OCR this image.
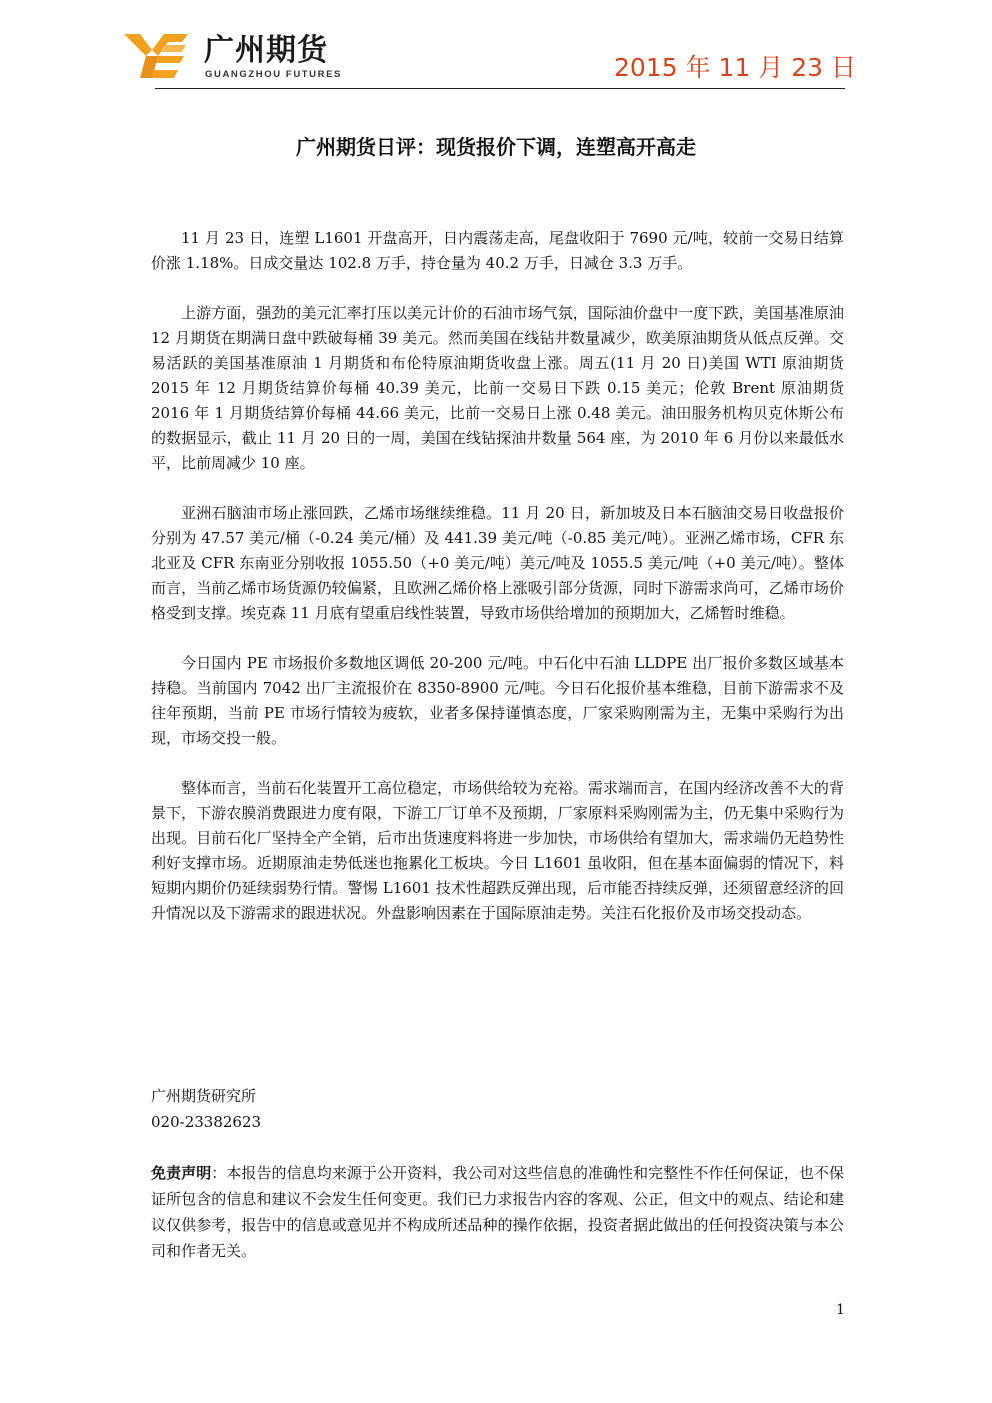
广州期货
GUANGZHOU FUTURES	2015 年 11 月 23 日
广州期货日评：现货报价下调，连塑高开高走

11 月 23 日，连塑 L1601 开盘高开，日内震荡走高，尾盘收阳于 7690 元/吨，较前一交易日结算价涨 1.18%。日成交量达 102.8 万手，持仓量为 40.2 万手，日减仓 3.3 万手。

上游方面，强劲的美元汇率打压以美元计价的石油市场气氛，国际油价盘中一度下跌，美国基准原油 12 月期货在期满日盘中跌破每桶 39 美元。然而美国在线钻井数量减少，欧美原油期货从低点反弹。交易活跃的美国基准原油 1 月期货和布伦特原油期货收盘上涨。周五(11 月 20 日)美国 WTI 原油期货 2015 年 12 月期货结算价每桶 40.39 美元，比前一交易日下跌 0.15 美元；伦敦 Brent 原油期货 2016 年 1 月期货结算价每桶 44.66 美元，比前一交易日上涨 0.48 美元。油田服务机构贝克休斯公布的数据显示，截止 11 月 20 日的一周，美国在线钻探油井数量 564 座，为 2010 年 6 月份以来最低水平，比前周减少 10 座。

亚洲石脑油市场止涨回跌，乙烯市场继续维稳。11 月 20 日，新加坡及日本石脑油交易日收盘报价分别为 47.57 美元/桶（-0.24 美元/桶）及 441.39 美元/吨（-0.85 美元/吨）。亚洲乙烯市场，CFR 东北亚及 CFR 东南亚分别收报 1055.50（+0 美元/吨）美元/吨及 1055.5 美元/吨（+0 美元/吨）。整体而言，当前乙烯市场货源仍较偏紧，且欧洲乙烯价格上涨吸引部分货源，同时下游需求尚可，乙烯市场价格受到支撑。埃克森 11 月底有望重启线性装置，导致市场供给增加的预期加大，乙烯暂时维稳。

今日国内 PE 市场报价多数地区调低 20-200 元/吨。中石化中石油 LLDPE 出厂报价多数区域基本持稳。当前国内 7042 出厂主流报价在 8350-8900 元/吨。今日石化报价基本维稳，目前下游需求不及往年预期，当前 PE 市场行情较为疲软，业者多保持谨慎态度，厂家采购刚需为主，无集中采购行为出现，市场交投一般。

整体而言，当前石化装置开工高位稳定，市场供给较为充裕。需求端而言，在国内经济改善不大的背景下，下游农膜消费跟进力度有限，下游工厂订单不及预期，厂家原料采购刚需为主，仍无集中采购行为出现。目前石化厂坚持全产全销，后市出货速度料将进一步加快，市场供给有望加大，需求端仍无趋势性利好支撑市场。近期原油走势低迷也拖累化工板块。今日 L1601 虽收阳，但在基本面偏弱的情况下，料短期内期价仍延续弱势行情。警惕 L1601 技术性超跌反弹出现，后市能否持续反弹，还须留意经济的回升情况以及下游需求的跟进状况。外盘影响因素在于国际原油走势。关注石化报价及市场交投动态。

广州期货研究所
020-23382623
免责声明：本报告的信息均来源于公开资料，我公司对这些信息的准确性和完整性不作任何保证，也不保证所包含的信息和建议不会发生任何变更。我们已力求报告内容的客观、公正，但文中的观点、结论和建议仅供参考，报告中的信息或意见并不构成所述品种的操作依据，投资者据此做出的任何投资决策与本公司和作者无关。
1
